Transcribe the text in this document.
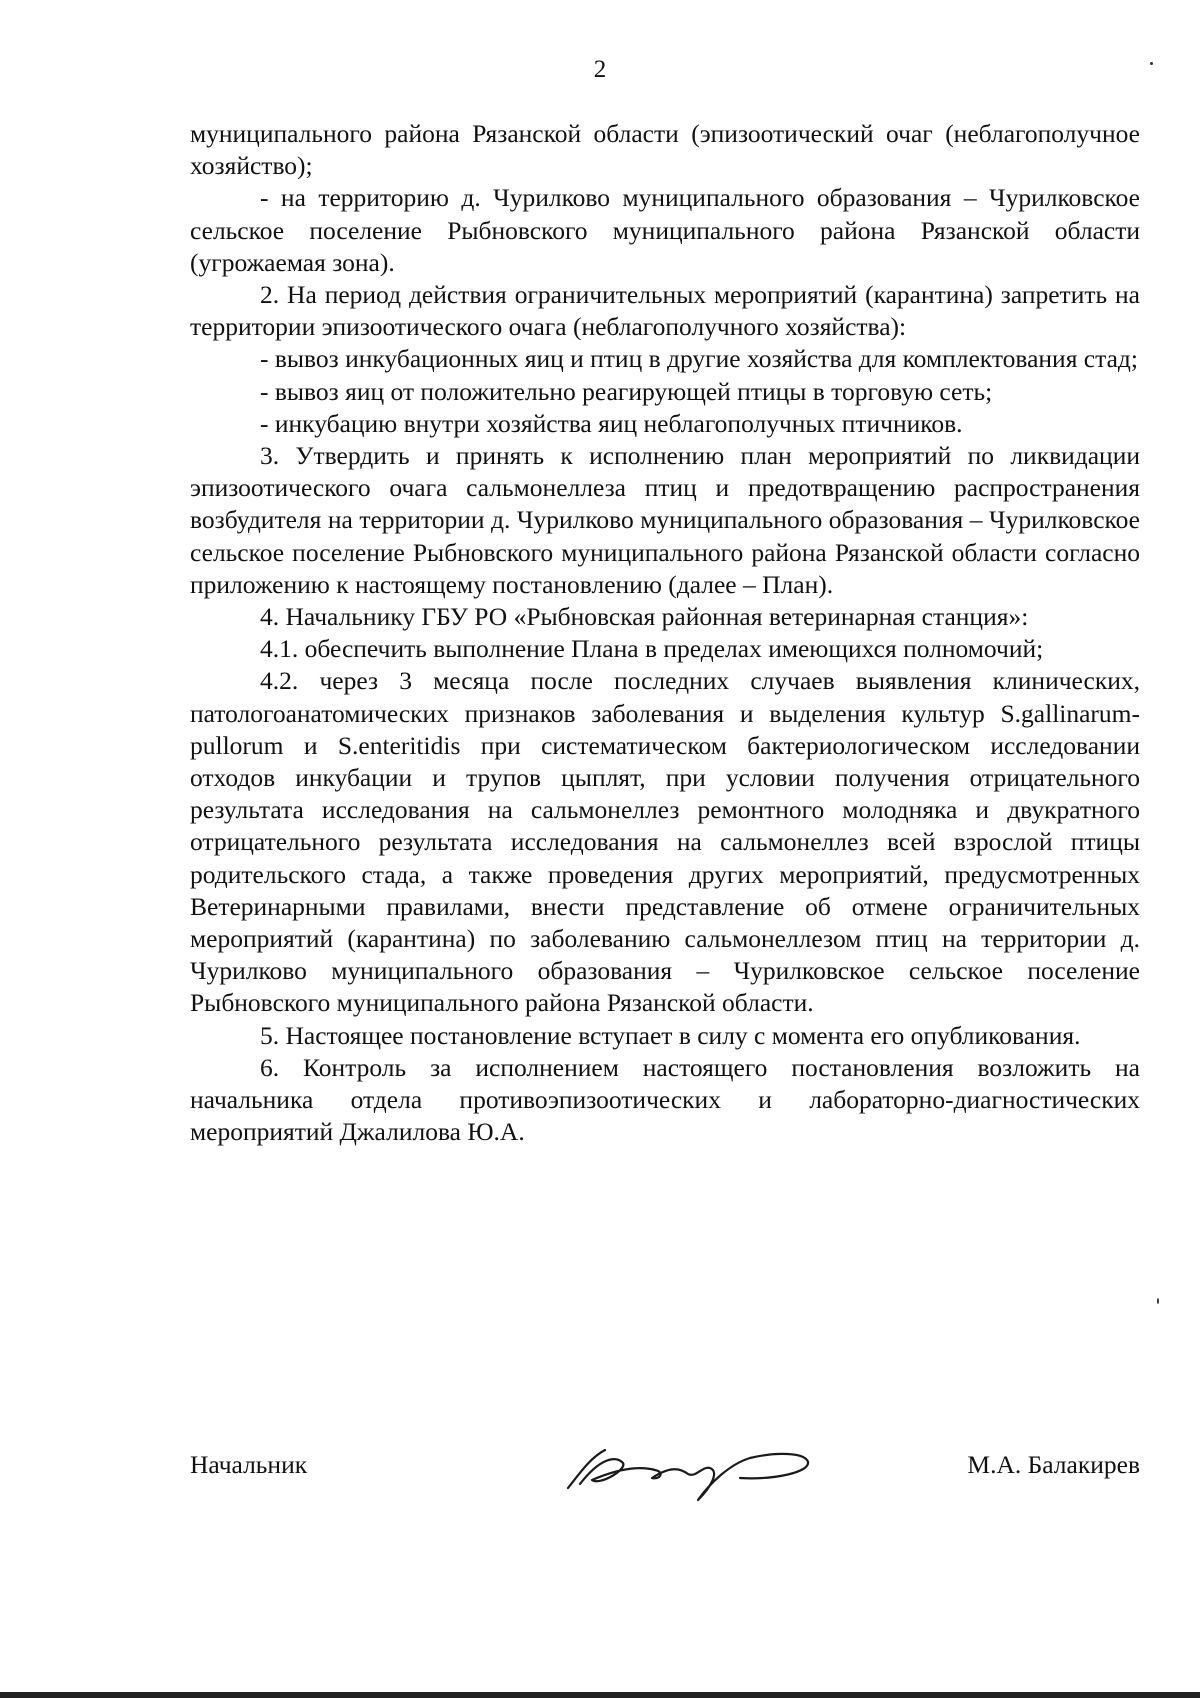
2

муниципального района Рязанской области (эпизоотический очаг (неблагополучное хозяйство);

- на территорию д. Чурилково муниципального образования – Чурилковское сельское поселение Рыбновского муниципального района Рязанской области (угрожаемая зона).

2. На период действия ограничительных мероприятий (карантина) запретить на территории эпизоотического очага (неблагополучного хозяйства):

- вывоз инкубационных яиц и птиц в другие хозяйства для комплектования стад;

- вывоз яиц от положительно реагирующей птицы в торговую сеть;

- инкубацию внутри хозяйства яиц неблагополучных птичников.

3. Утвердить и принять к исполнению план мероприятий по ликвидации эпизоотического очага сальмонеллеза птиц и предотвращению распространения возбудителя на территории д. Чурилково муниципального образования – Чурилковское сельское поселение Рыбновского муниципального района Рязанской области согласно приложению к настоящему постановлению (далее – План).

4. Начальнику ГБУ РО «Рыбновская районная ветеринарная станция»:

4.1. обеспечить выполнение Плана в пределах имеющихся полномочий;

4.2. через 3 месяца после последних случаев выявления клинических, патологоанатомических признаков заболевания и выделения культур S.gallinarum-pullorum и S.enteritidis при систематическом бактериологическом исследовании отходов инкубации и трупов цыплят, при условии получения отрицательного результата исследования на сальмонеллез ремонтного молодняка и двукратного отрицательного результата исследования на сальмонеллез всей взрослой птицы родительского стада, а также проведения других мероприятий, предусмотренных Ветеринарными правилами, внести представление об отмене ограничительных мероприятий (карантина) по заболеванию сальмонеллезом птиц на территории д. Чурилково муниципального образования – Чурилковское сельское поселение Рыбновского муниципального района Рязанской области.

5. Настоящее постановление вступает в силу с момента его опубликования.

6. Контроль за исполнением настоящего постановления возложить на начальника отдела противоэпизоотических и лабораторно-диагностических мероприятий Джалилова Ю.А.

Начальник	М.А. Балакирев
